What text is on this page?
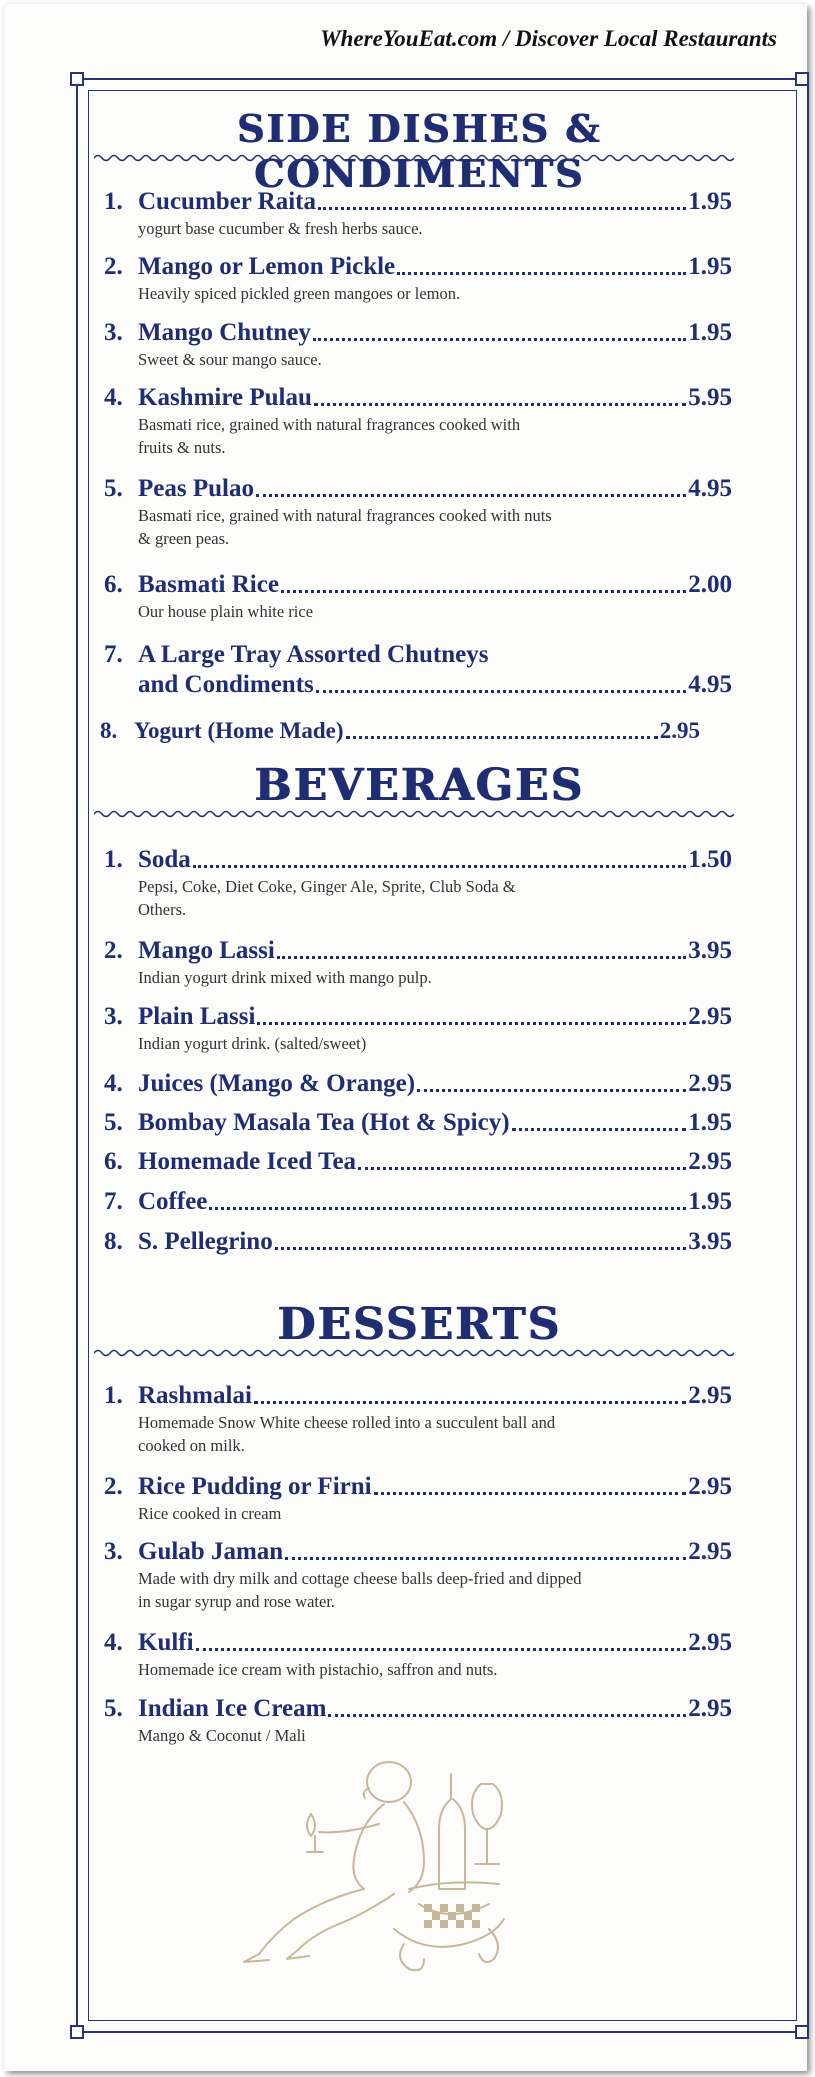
WhereYouEat.com / Discover Local Restaurants
SIDE DISHES & CONDIMENTS
1. Cucumber Raita	1.95
yogurt base cucumber & fresh herbs sauce.
2. Mango or Lemon Pickle	1.95
Heavily spiced pickled green mangoes or lemon.
3. Mango Chutney	1.95
Sweet & sour mango sauce.
4. Kashmire Pulau	5.95
Basmati rice, grained with natural fragrances cooked with fruits & nuts.
5. Peas Pulao	4.95
Basmati rice, grained with natural fragrances cooked with nuts & green peas.
6. Basmati Rice	2.00
Our house plain white rice
7. A Large Tray Assorted Chutneys
and Condiments	4.95
8. Yogurt (Home Made)	2.95
BEVERAGES
1. Soda	1.50
Pepsi, Coke, Diet Coke, Ginger Ale, Sprite, Club Soda & Others.
2. Mango Lassi	3.95
Indian yogurt drink mixed with mango pulp.
3. Plain Lassi	2.95
Indian yogurt drink. (salted/sweet)
4. Juices (Mango & Orange)	2.95
5. Bombay Masala Tea (Hot & Spicy)	1.95
6. Homemade Iced Tea	2.95
7. Coffee	1.95
8. S. Pellegrino	3.95
DESSERTS
1. Rashmalai	2.95
Homemade Snow White cheese rolled into a succulent ball and cooked on milk.
2. Rice Pudding or Firni	2.95
Rice cooked in cream
3. Gulab Jaman	2.95
Made with dry milk and cottage cheese balls deep-fried and dipped in sugar syrup and rose water.
4. Kulfi	2.95
Homemade ice cream with pistachio, saffron and nuts.
5. Indian Ice Cream	2.95
Mango & Coconut / Mali
